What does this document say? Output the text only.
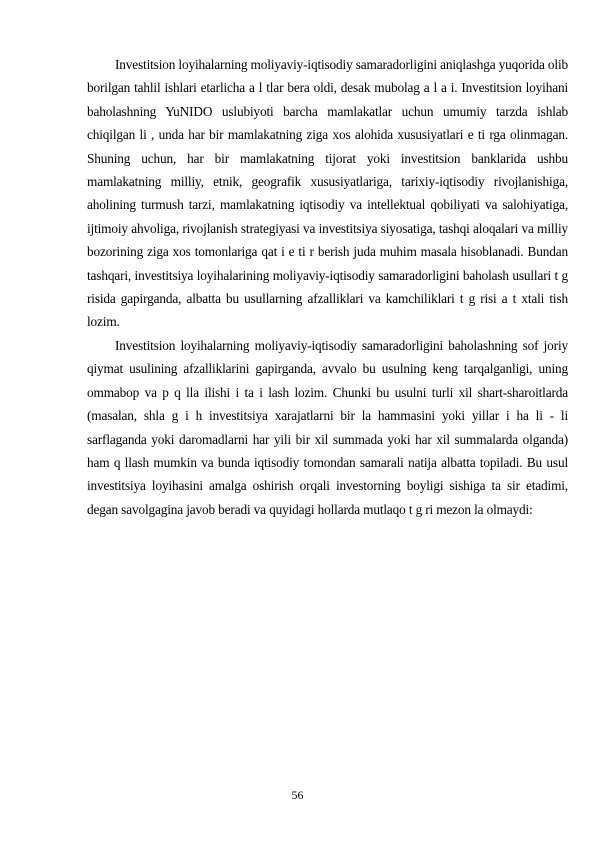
Investitsion loyihalarning moliyaviy-iqtisodiy samaradorligini aniqlashga yuqorida olib borilgan tahlil ishlari etarlicha a l tlar bera oldi, desak mubolag a l a i. Investitsion loyihani baholashning YuNIDO uslubiyoti barcha mamlakatlar uchun umumiy tarzda ishlab chiqilgan li , unda har bir mamlakatning ziga xos alohida xususiyatlari e ti rga olinmagan. Shuning uchun, har bir mamlakatning tijorat yoki investitsion banklarida ushbu mamlakatning milliy, etnik, geografik xususiyatlariga, tarixiy-iqtisodiy rivojlanishiga, aholining turmush tarzi, mamlakatning iqtisodiy va intellektual qobiliyati va salohiyatiga, ijtimoiy ahvoliga, rivojlanish strategiyasi va investitsiya siyosatiga, tashqi aloqalari va milliy bozorining ziga xos tomonlariga qat i e ti r berish juda muhim masala hisoblanadi. Bundan tashqari, investitsiya loyihalarining moliyaviy-iqtisodiy samaradorligini baholash usullari t g risida gapirganda, albatta bu usullarning afzalliklari va kamchiliklari t g risi a t xtali tish lozim.

Investitsion loyihalarning moliyaviy-iqtisodiy samaradorligini baholashning sof joriy qiymat usulining afzalliklarini gapirganda, avvalo bu usulning keng tarqalganligi, uning ommabop va p q lla ilishi i ta i lash lozim. Chunki bu usulni turli xil shart-sharoitlarda (masalan, shla g i h investitsiya xarajatlarni bir la hammasini yoki yillar i ha li - li sarflaganda yoki daromadlarni har yili bir xil summada yoki har xil summalarda olganda) ham q llash mumkin va bunda iqtisodiy tomondan samarali natija albatta topiladi. Bu usul investitsiya loyihasini amalga oshirish orqali investorning boyligi sishiga ta sir etadimi, degan savolgagina javob beradi va quyidagi hollarda mutlaqo t g ri mezon la olmaydi:

56
